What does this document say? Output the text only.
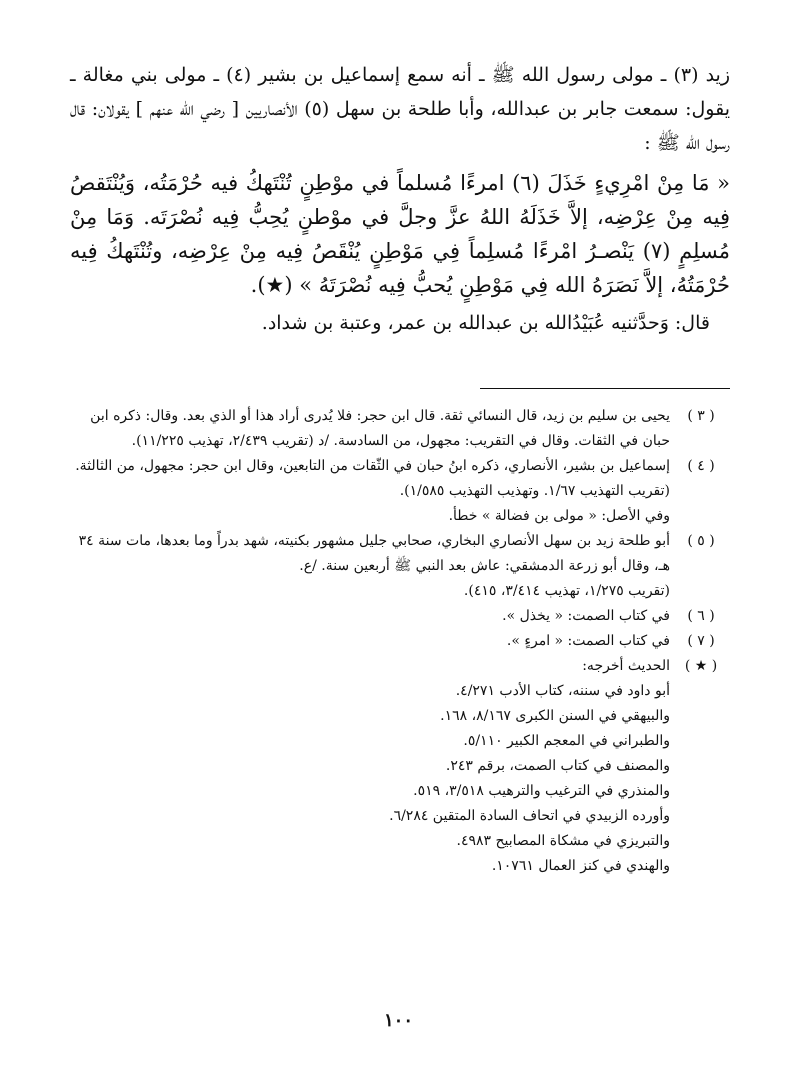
زيد (٣) ـ مولى رسول الله ﷺ ـ أنه سمع إسماعيل بن بشير (٤) ـ مولى بني مغالة ـ يقول: سمعت جابر بن عبدالله، وأبا طلحة بن سهل (٥) الأنصاريين [ رضي الله عنهم ] يقولان: قال رسول الله ﷺ :

« مَا مِنْ امْرِيءٍ خَذَلَ (٦) امرءًا مُسلماً في موْطِنٍ تُنْتَهكُ فيه حُرْمَتُه، وَيُنْتَقصُ فِيه مِنْ عِرْضِه، إلاَّ خَذَلَهُ اللهُ عزَّ وجلَّ في موْطنٍ يُحِبُّ فِيه نُصْرَتَه. وَمَا مِنْ مُسلِمٍ (٧) يَنْصـرُ امْرءًا مُسلِماً فِي مَوْطِنٍ يُنْقَصُ فِيه مِنْ عِرْضِه، وتُنْتَهكُ فِيه حُرْمَتُهُ، إلاَّ نَصَرَهُ الله فِي مَوْطِنٍ يُحبُّ فِيه نُصْرَتَهُ » (★).

قال: وَحدَّثنيه عُبَيْدُالله بن عبدالله بن عمر، وعتبة بن شداد.

( ٣ )

يحيى بن سليم بن زيد، قال النسائي ثقة. قال ابن حجر: فلا يُدرى أراد هذا أو الذي بعد. وقال: ذكره ابن حبان في الثقات. وقال في التقريب: مجهول، من السادسة. /د (تقريب ٢/٤٣٩، تهذيب ١١/٢٢٥).

( ٤ )

إسماعيل بن بشير، الأنصاري، ذكره ابنُ حبان في الثّقات من التابعين، وقال ابن حجر: مجهول، من الثالثة.

(تقريب التهذيب ١/٦٧. وتهذيب التهذيب ١/٥٨٥).

وفي الأصل: « مولى بن فضالة » خطأ.

( ٥ )

أبو طلحة زيد بن سهل الأنصاري البخاري، صحابي جليل مشهور بكنيته، شهد بدراً وما بعدها، مات سنة ٣٤ هـ، وقال أبو زرعة الدمشقي: عاش بعد النبي ﷺ أربعين سنة. /ع.

(تقريب ١/٢٧٥، تهذيب ٣/٤١٤، ٤١٥).

( ٦ )

في كتاب الصمت: « يخذل ».

( ٧ )

في كتاب الصمت: « امرءٍ ».

( ★ )

الحديث أخرجه:

أبو داود في سننه، كتاب الأدب ٤/٢٧١.

والبيهقي في السنن الكبرى ٨/١٦٧، ١٦٨.

والطبراني في المعجم الكبير ٥/١١٠.

والمصنف في كتاب الصمت، برقم ٢٤٣.

والمنذري في الترغيب والترهيب ٣/٥١٨، ٥١٩.

وأورده الزبيدي في اتحاف السادة المتقين ٦/٢٨٤.

والتبريزي في مشكاة المصابيح ٤٩٨٣.

والهندي في كنز العمال ١٠٧٦١.

١٠٠
